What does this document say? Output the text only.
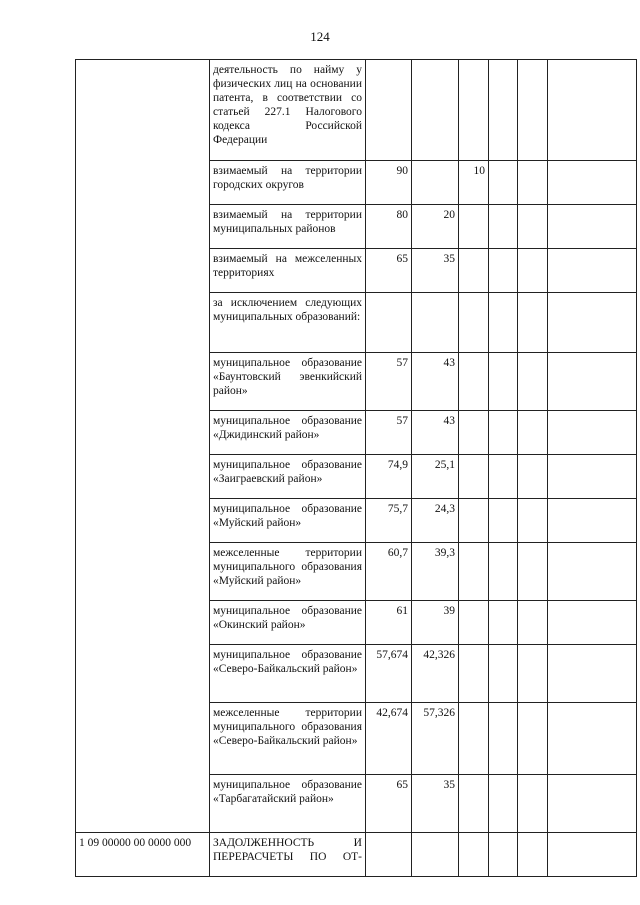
124
	деятельность по найму у физических лиц на основании патента, в соответствии со статьей 227.1 Налогового кодекса Российской Федерации						
	взимаемый на территории городских округов	90		10			
	взимаемый на территории муниципальных районов	80	20				
	взимаемый на межселенных территориях	65	35				
	за исключением следующих муниципальных образований:						
	муниципальное образование «Баунтовский эвенкийский район»	57	43				
	муниципальное образование «Джидинский район»	57	43				
	муниципальное образование «Заиграевский район»	74,9	25,1				
	муниципальное образование «Муйский район»	75,7	24,3				
	межселенные территории муниципального образования «Муйский район»	60,7	39,3				
	муниципальное образование «Окинский район»	61	39				
	муниципальное образование «Северо-Байкальский район»	57,674	42,326				
	межселенные территории муниципального образования «Северо-Байкальский район»	42,674	57,326				
	муниципальное образование «Тарбагатайский район»	65	35				
1 09 00000 00 0000 000	ЗАДОЛЖЕННОСТЬ И ПЕРЕРАСЧЕТЫ ПО ОТ-						
